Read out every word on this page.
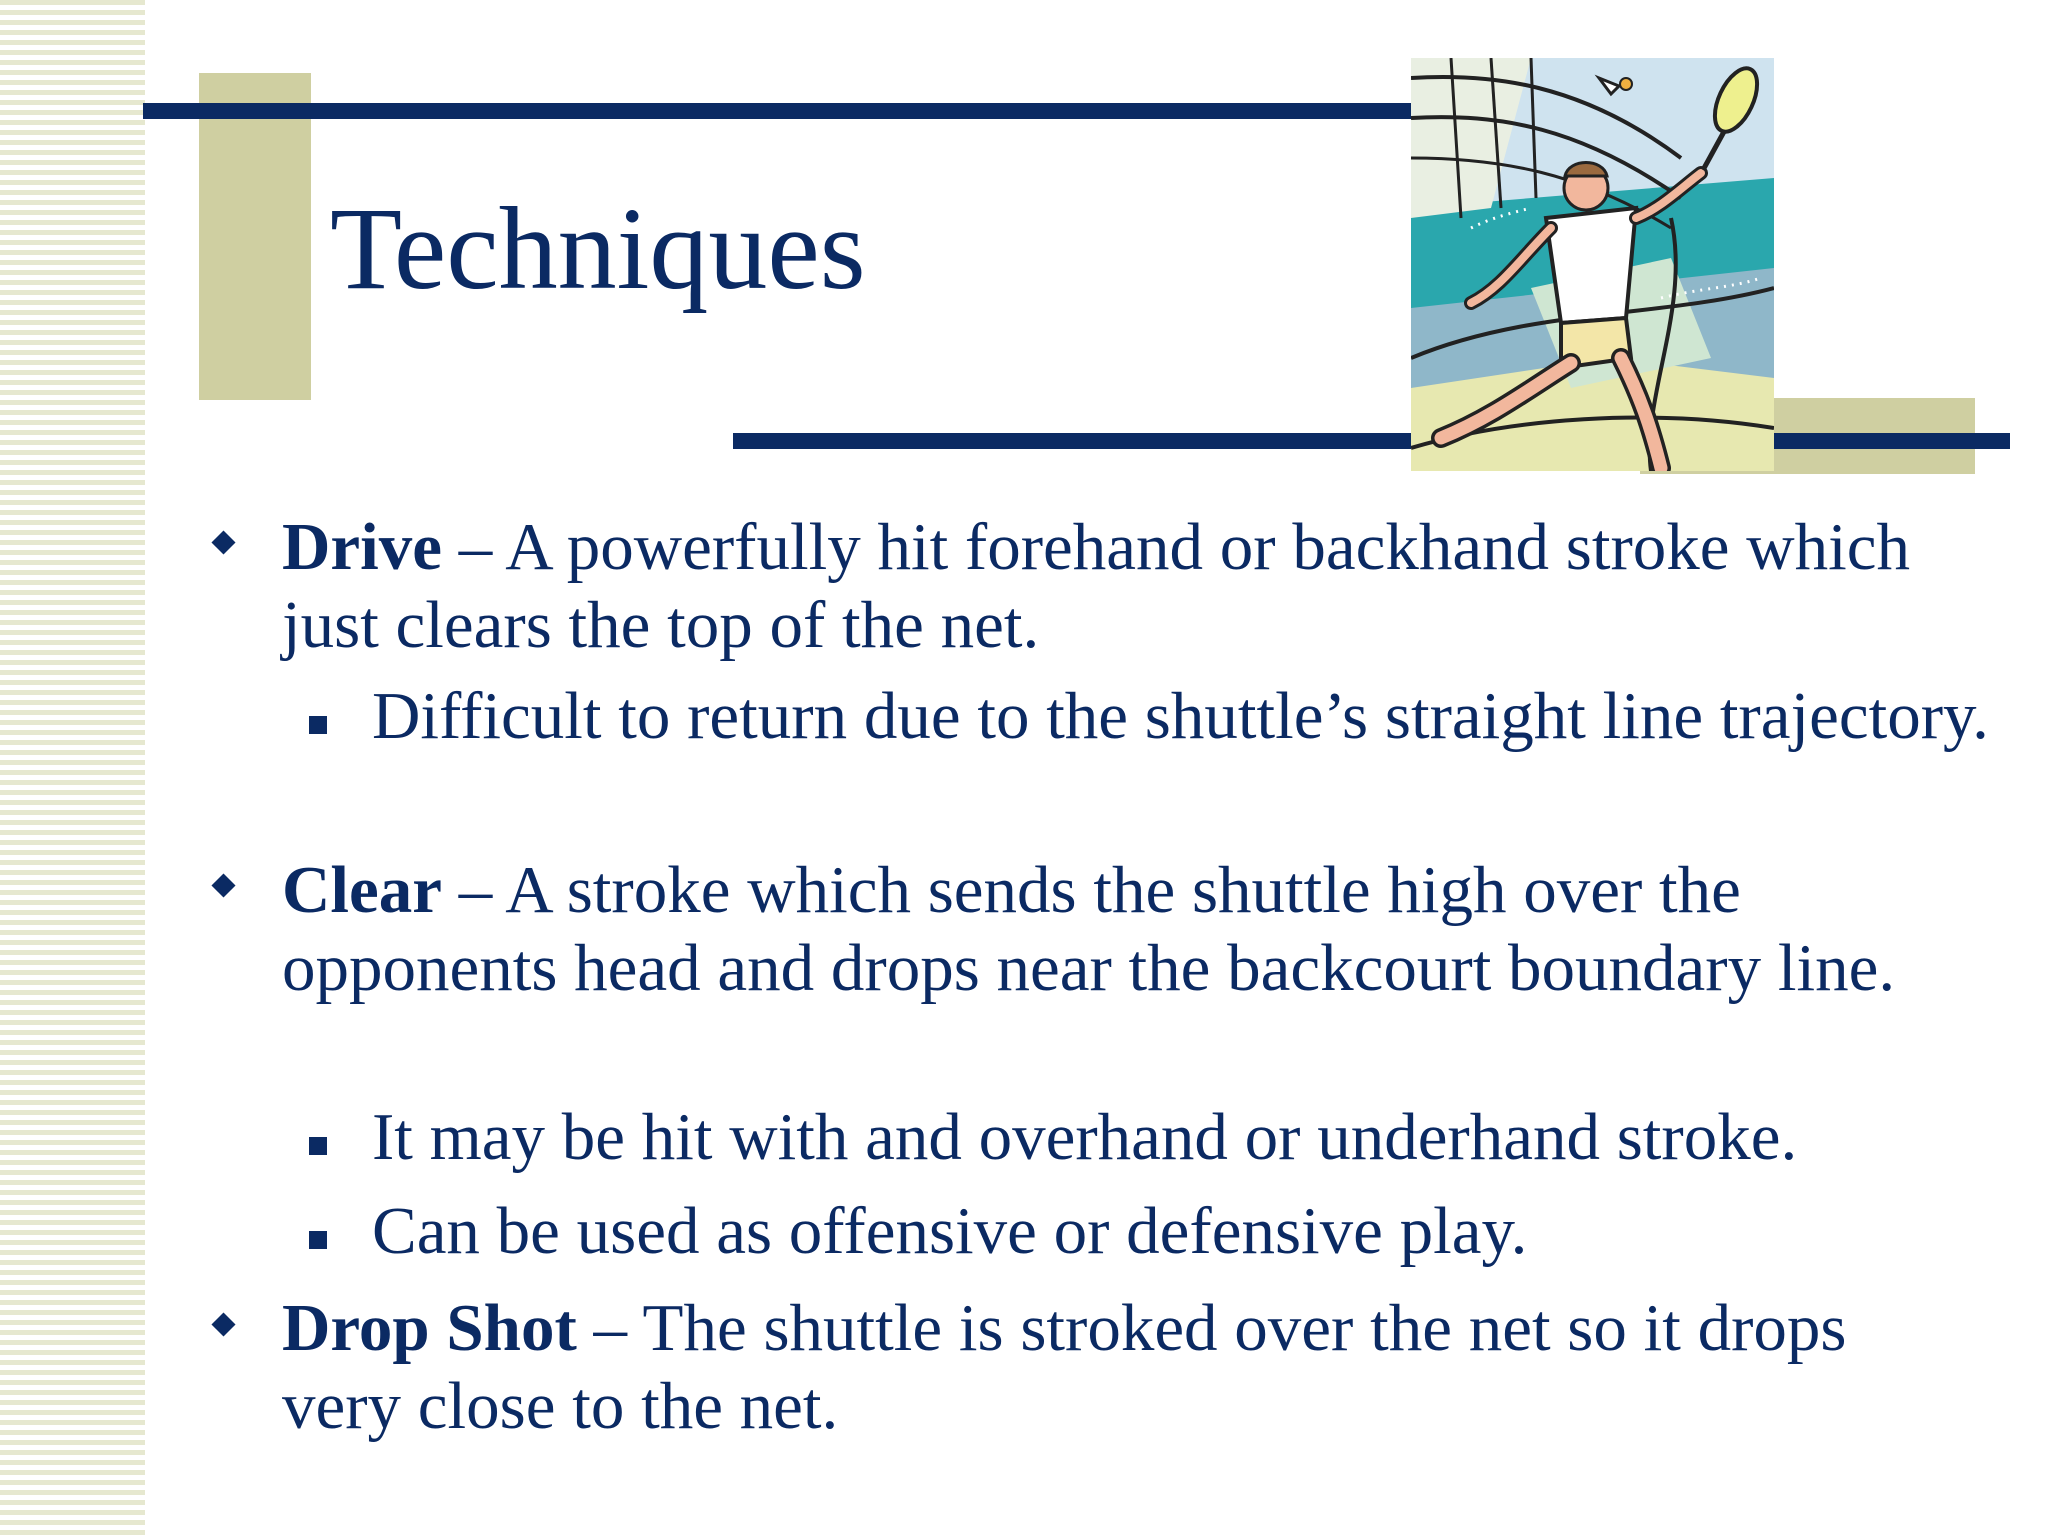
Techniques
Drive – A powerfully hit forehand or backhand stroke which just clears the top of the net.
Difficult to return due to the shuttle’s straight line trajectory.
Clear – A stroke which sends the shuttle high over the opponents head and drops near the backcourt boundary line.
It may be hit with and overhand or underhand stroke.
Can be used as offensive or defensive play.
Drop Shot – The shuttle is stroked over the net so it drops very close to the net.
